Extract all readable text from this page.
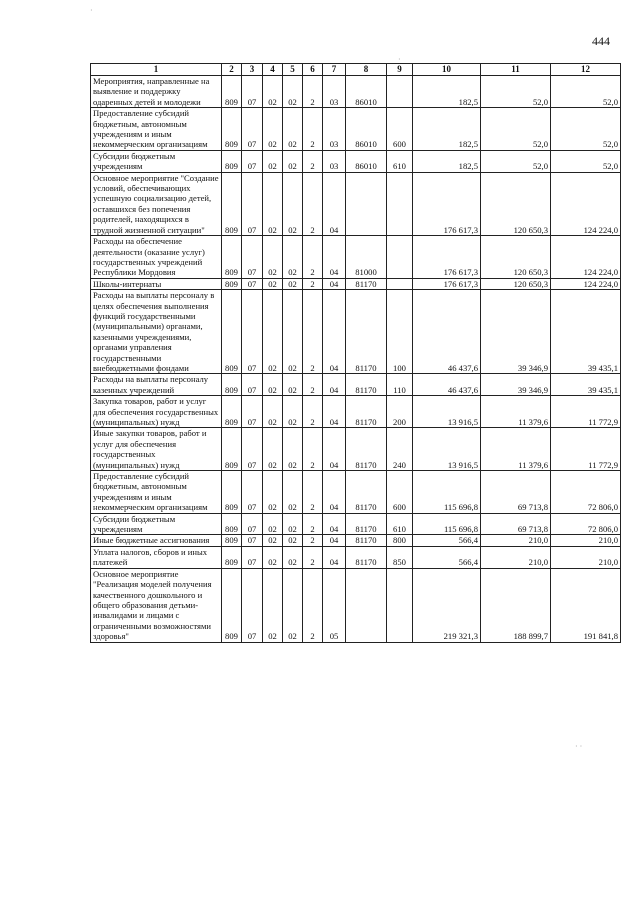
444
1	2	3	4	5	6	7	8	9	10	11	12
Мероприятия, направленные на выявление и поддержку одаренных детей и молодежи	809	07	02	02	2	03	86010		182,5	52,0	52,0
Предоставление субсидий бюджетным, автономным учреждениям и иным некоммерческим организациям	809	07	02	02	2	03	86010	600	182,5	52,0	52,0
Субсидии бюджетным учреждениям	809	07	02	02	2	03	86010	610	182,5	52,0	52,0
Основное мероприятие "Создание условий, обеспечивающих успешную социализацию детей, оставшихся без попечения родителей, находящихся в трудной жизненной ситуации"	809	07	02	02	2	04			176 617,3	120 650,3	124 224,0
Расходы на обеспечение деятельности (оказание услуг) государственных учреждений Республики Мордовия	809	07	02	02	2	04	81000		176 617,3	120 650,3	124 224,0
Школы-интернаты	809	07	02	02	2	04	81170		176 617,3	120 650,3	124 224,0
Расходы на выплаты персоналу в целях обеспечения выполнения функций государственными (муниципальными) органами, казенными учреждениями, органами управления государственными внебюджетными фондами	809	07	02	02	2	04	81170	100	46 437,6	39 346,9	39 435,1
Расходы на выплаты персоналу казенных учреждений	809	07	02	02	2	04	81170	110	46 437,6	39 346,9	39 435,1
Закупка товаров, работ и услуг для обеспечения государственных (муниципальных) нужд	809	07	02	02	2	04	81170	200	13 916,5	11 379,6	11 772,9
Иные закупки товаров, работ и услуг для обеспечения государственных (муниципальных) нужд	809	07	02	02	2	04	81170	240	13 916,5	11 379,6	11 772,9
Предоставление субсидий бюджетным, автономным учреждениям и иным некоммерческим организациям	809	07	02	02	2	04	81170	600	115 696,8	69 713,8	72 806,0
Субсидии бюджетным учреждениям	809	07	02	02	2	04	81170	610	115 696,8	69 713,8	72 806,0
Иные бюджетные ассигнования	809	07	02	02	2	04	81170	800	566,4	210,0	210,0
Уплата налогов, сборов и иных платежей	809	07	02	02	2	04	81170	850	566,4	210,0	210,0
Основное мероприятие "Реализация моделей получения качественного дошкольного и общего образования детьми-инвалидами и лицами с ограниченными возможностями здоровья"	809	07	02	02	2	05			219 321,3	188 899,7	191 841,8
·
·
· ·
